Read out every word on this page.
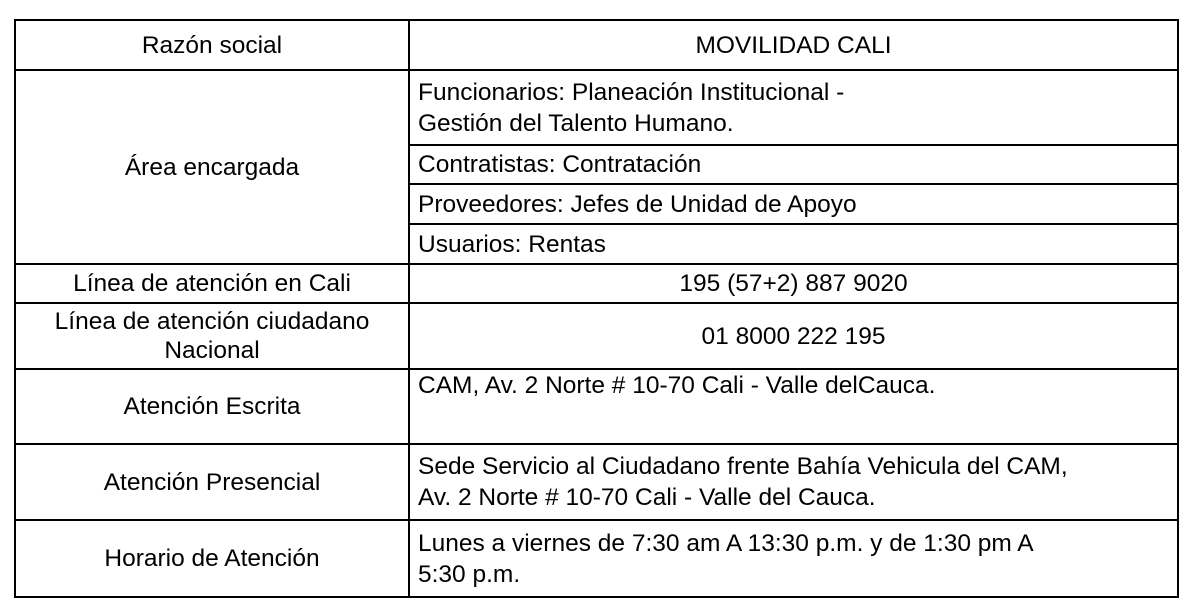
Razón social	MOVILIDAD CALI
Área encargada	Funcionarios: Planeación Institucional -
Gestión del Talento Humano.

	Contratistas: Contratación
	Proveedores: Jefes de Unidad de Apoyo
	Usuarios: Rentas
Línea de atención en Cali	195 (57+2) 887 9020

Línea de atención ciudadano
Nacional	01 8000 222 195
Atención Escrita	CAM, Av. 2 Norte # 10-70 Cali - Valle delCauca.
Atención Presencial	Sede Servicio al Ciudadano frente Bahía Vehicula del CAM,
Av. 2 Norte # 10-70 Cali - Valle del Cauca.

Horario de Atención	Lunes a viernes de 7:30 am A 13:30 p.m. y de 1:30 pm A
5:30 p.m.
